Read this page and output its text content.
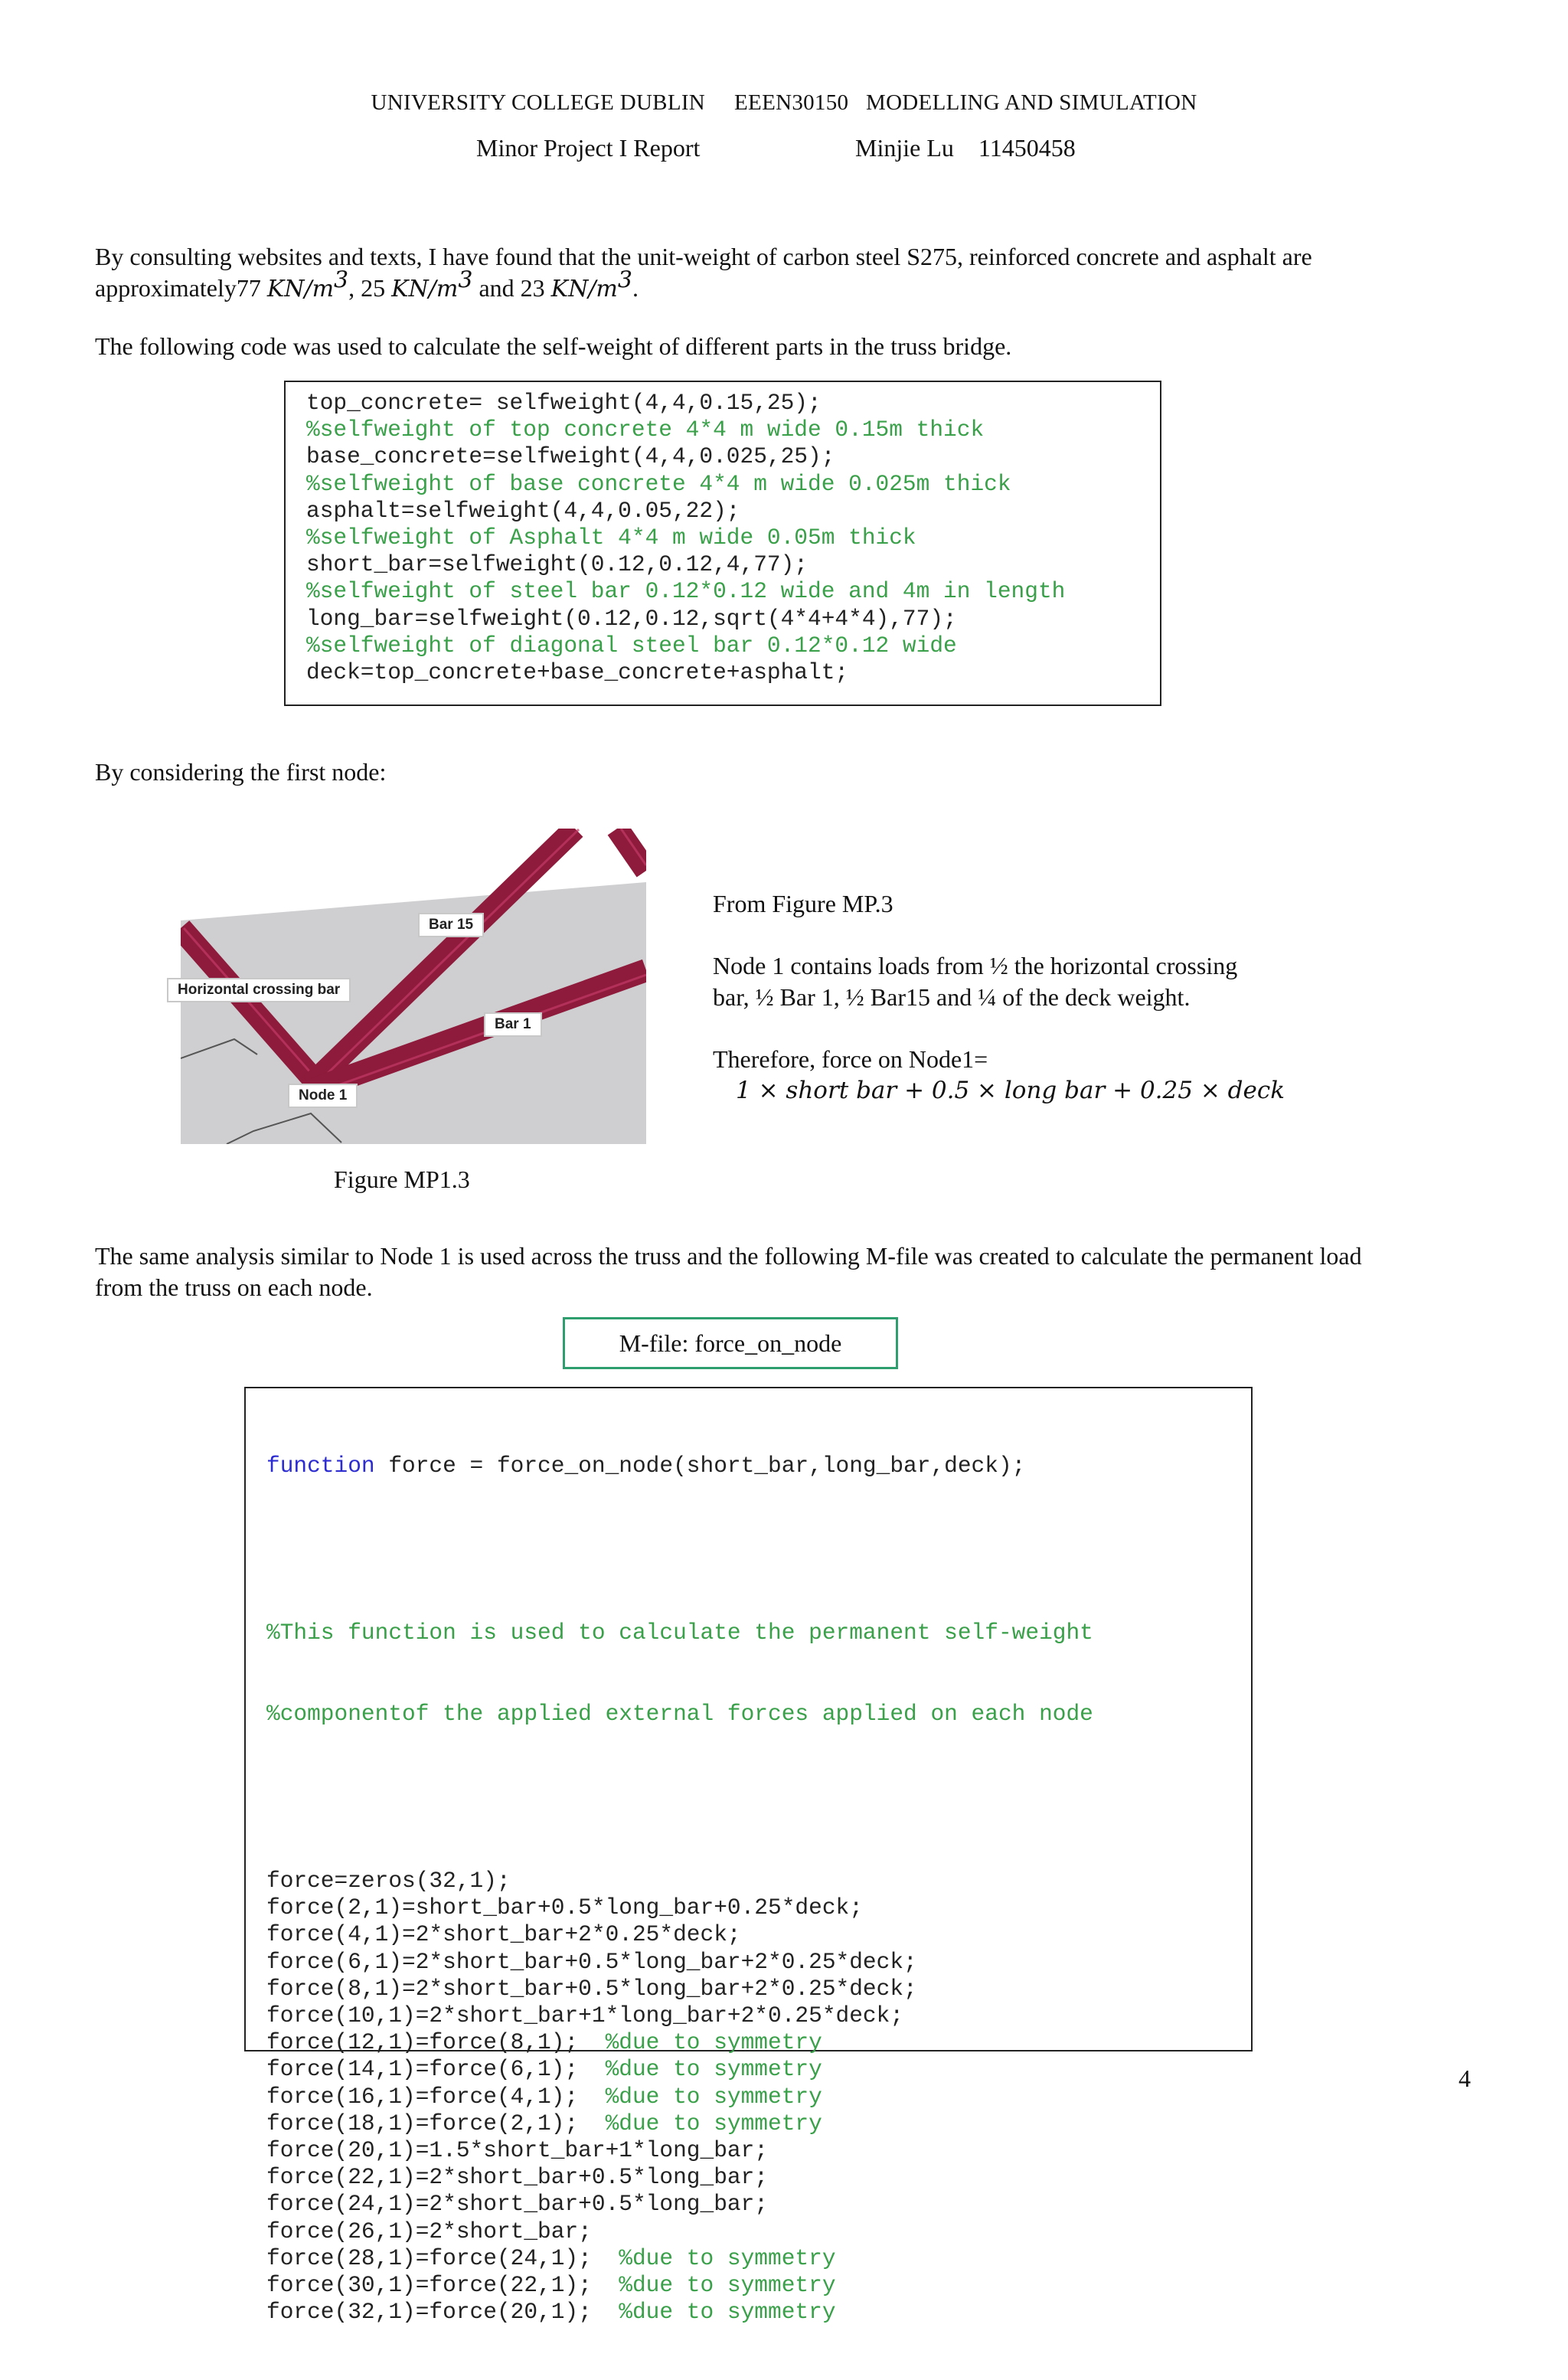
UNIVERSITY COLLEGE DUBLIN EEEN30150   MODELLING AND SIMULATION
Minor Project I Report	Minjie Lu    11450458
By consulting websites and texts, I have found that the unit-weight of carbon steel S275, reinforced concrete and asphalt are
approximately77 $KN/m^3$, 25 $KN/m^3$ and 23 $KN/m^3$.
The following code was used to calculate the self-weight of different parts in the truss bridge.
top_concrete= selfweight(4,4,0.15,25);
%selfweight of top concrete 4*4 m wide 0.15m thick
base_concrete=selfweight(4,4,0.025,25);
%selfweight of base concrete 4*4 m wide 0.025m thick
asphalt=selfweight(4,4,0.05,22);
%selfweight of Asphalt 4*4 m wide 0.05m thick
short_bar=selfweight(0.12,0.12,4,77);
%selfweight of steel bar 0.12*0.12 wide and 4m in length
long_bar=selfweight(0.12,0.12,sqrt(4*4+4*4),77);
%selfweight of diagonal steel bar 0.12*0.12 wide
deck=top_concrete+base_concrete+asphalt;
By considering the first node:
Bar 15
Horizontal crossing bar
Bar 1
Node 1
Figure MP1.3
From Figure MP.3
Node 1 contains loads from ½ the horizontal crossing
bar, ½ Bar 1, ½ Bar15 and ¼ of the deck weight.
Therefore, force on Node1=
1 × short bar + 0.5 × long bar + 0.25 × deck
The same analysis similar to Node 1 is used across the truss and the following M-file was created to calculate the permanent load
from the truss on each node.
M-file: force_on_node

function force = force_on_node(short_bar,long_bar,deck);

%This function is used to calculate the permanent self-weight

%componentof the applied external forces applied on each node

force=zeros(32,1);
force(2,1)=short_bar+0.5*long_bar+0.25*deck;
force(4,1)=2*short_bar+2*0.25*deck;
force(6,1)=2*short_bar+0.5*long_bar+2*0.25*deck;
force(8,1)=2*short_bar+0.5*long_bar+2*0.25*deck;
force(10,1)=2*short_bar+1*long_bar+2*0.25*deck;
force(12,1)=force(8,1);  %due to symmetry
force(14,1)=force(6,1);  %due to symmetry
force(16,1)=force(4,1);  %due to symmetry
force(18,1)=force(2,1);  %due to symmetry
force(20,1)=1.5*short_bar+1*long_bar;
force(22,1)=2*short_bar+0.5*long_bar;
force(24,1)=2*short_bar+0.5*long_bar;
force(26,1)=2*short_bar;
force(28,1)=force(24,1);  %due to symmetry
force(30,1)=force(22,1);  %due to symmetry
force(32,1)=force(20,1);  %due to symmetry

4
